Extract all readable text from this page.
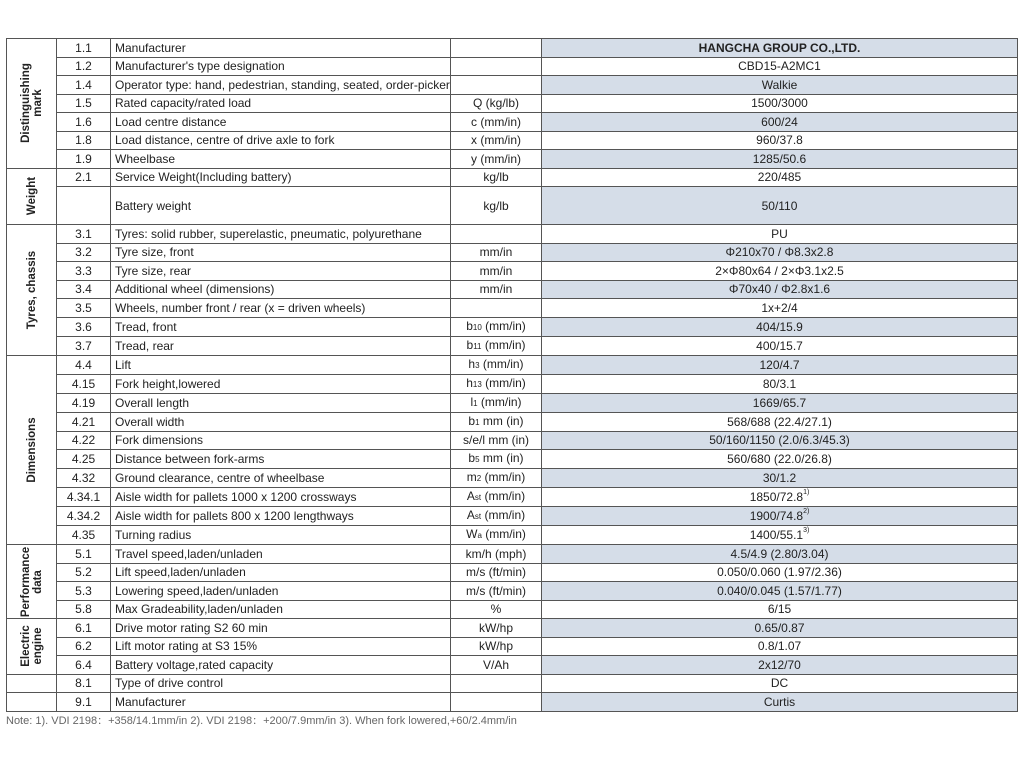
Distinguishing mark	1.1	Manufacturer		HANGCHA GROUP CO.,LTD.
	1.2	Manufacturer's type designation		CBD15-A2MC1
	1.4	Operator type: hand, pedestrian, standing, seated, order-picker		Walkie
	1.5	Rated capacity/rated load	Q (kg/lb)	1500/3000
	1.6	Load centre distance	c (mm/in)	600/24
	1.8	Load distance, centre of drive axle to fork	x (mm/in)	960/37.8
	1.9	Wheelbase	y (mm/in)	1285/50.6

Weight	2.1	Service Weight(Including battery)	kg/lb	220/485
		Battery weight	kg/lb	50/110

Tyres, chassis	3.1	Tyres: solid rubber, superelastic, pneumatic, polyurethane		PU
	3.2	Tyre size, front	mm/in	Φ210x70 / Φ8.3x2.8
	3.3	Tyre size, rear	mm/in	2×Φ80x64 / 2×Φ3.1x2.5
	3.4	Additional wheel (dimensions)	mm/in	Φ70x40 / Φ2.8x1.6
	3.5	Wheels, number front / rear (x = driven wheels)		1x+2/4
	3.6	Tread, front	b10 (mm/in)	404/15.9
	3.7	Tread, rear	b11 (mm/in)	400/15.7

Dimensions	4.4	Lift	h3 (mm/in)	120/4.7
	4.15	Fork height,lowered	h13 (mm/in)	80/3.1
	4.19	Overall length	l1 (mm/in)	1669/65.7
	4.21	Overall width	b1 mm (in)	568/688 (22.4/27.1)
	4.22	Fork dimensions	s/e/l mm (in)	50/160/1150 (2.0/6.3/45.3)
	4.25	Distance between fork-arms	b5 mm (in)	560/680 (22.0/26.8)
	4.32	Ground clearance, centre of wheelbase	m2 (mm/in)	30/1.2
	4.34.1	Aisle width for pallets 1000 x 1200 crossways	Ast (mm/in)	1850/72.8$^{1)}$
	4.34.2	Aisle width for pallets 800 x 1200 lengthways	Ast (mm/in)	1900/74.8$^{2)}$
	4.35	Turning radius	Wa (mm/in)	1400/55.1$^{3)}$

Performance data	5.1	Travel speed,laden/unladen	km/h (mph)	4.5/4.9 (2.80/3.04)
	5.2	Lift speed,laden/unladen	m/s (ft/min)	0.050/0.060 (1.97/2.36)
	5.3	Lowering speed,laden/unladen	m/s (ft/min)	0.040/0.045 (1.57/1.77)
	5.8	Max Gradeability,laden/unladen	%	6/15

Electric engine	6.1	Drive motor rating S2 60 min	kW/hp	0.65/0.87
	6.2	Lift motor rating at S3 15%	kW/hp	0.8/1.07
	6.4	Battery voltage,rated capacity	V/Ah	2x12/70
	8.1	Type of drive control		DC
	9.1	Manufacturer		Curtis
Note: 1). VDI 2198：+358/14.1mm/in 2). VDI 2198：+200/7.9mm/in 3). When fork lowered,+60/2.4mm/in
